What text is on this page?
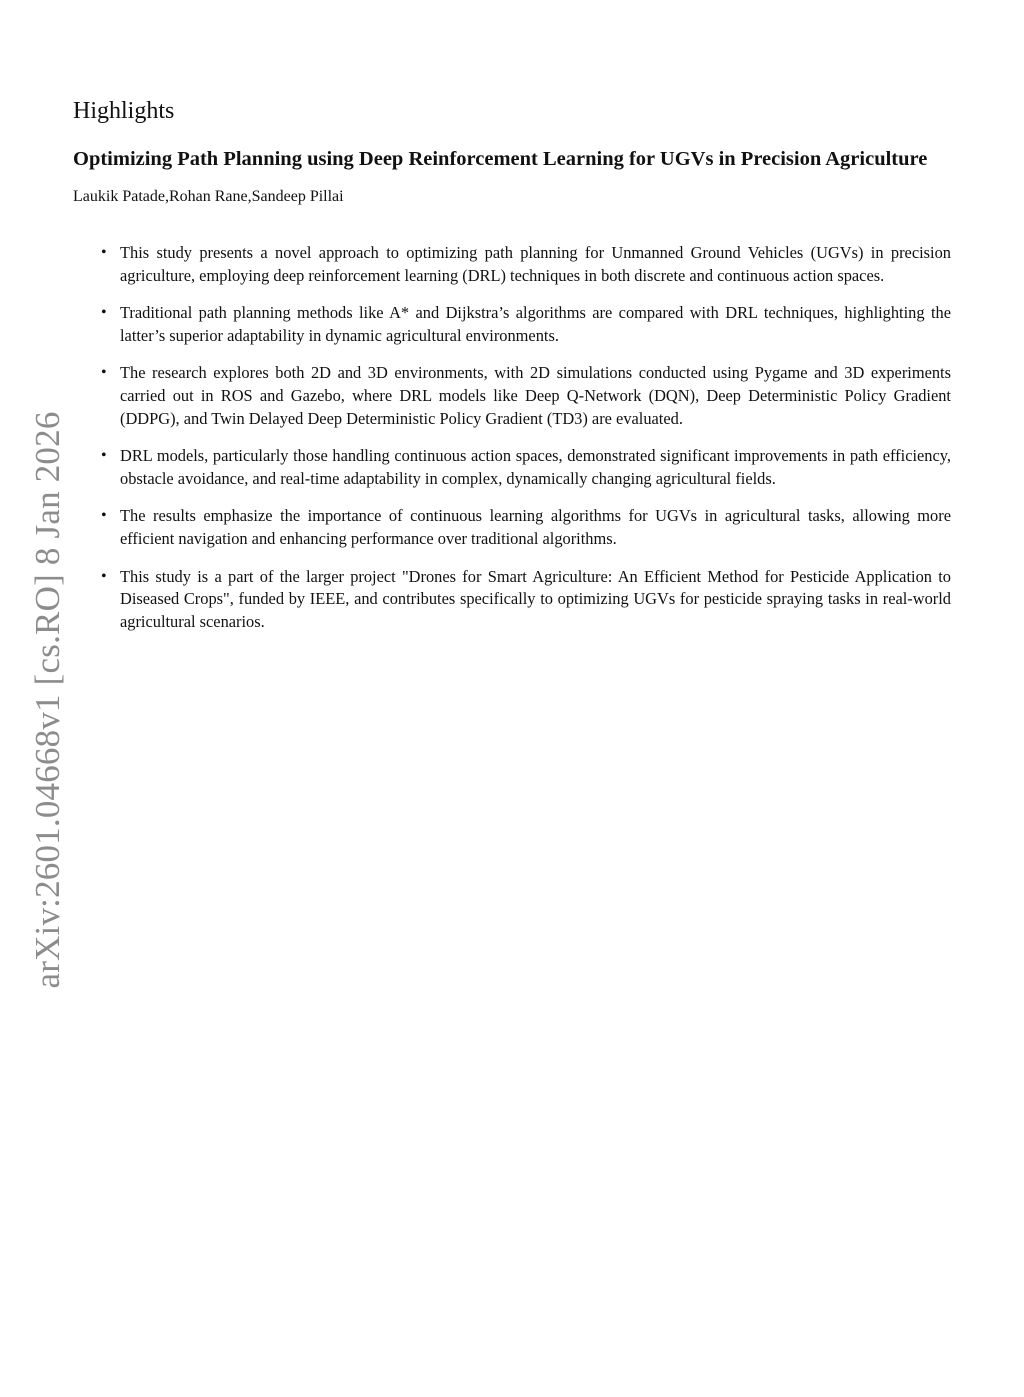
arXiv:2601.04668v1 [cs.RO] 8 Jan 2026
Highlights
Optimizing Path Planning using Deep Reinforcement Learning for UGVs in Precision Agriculture
Laukik Patade,Rohan Rane,Sandeep Pillai
• This study presents a novel approach to optimizing path planning for Unmanned Ground Vehicles (UGVs) in precision agriculture, employing deep reinforcement learning (DRL) techniques in both discrete and continuous action spaces.
• Traditional path planning methods like A* and Dijkstra’s algorithms are compared with DRL techniques, highlighting the latter’s superior adaptability in dynamic agricultural environments.
• The research explores both 2D and 3D environments, with 2D simulations conducted using Pygame and 3D experiments carried out in ROS and Gazebo, where DRL models like Deep Q-Network (DQN), Deep Deterministic Policy Gradient (DDPG), and Twin Delayed Deep Deterministic Policy Gradient (TD3) are evaluated.
• DRL models, particularly those handling continuous action spaces, demonstrated significant improvements in path efficiency, obstacle avoidance, and real-time adaptability in complex, dynamically changing agricultural fields.
• The results emphasize the importance of continuous learning algorithms for UGVs in agricultural tasks, allowing more efficient navigation and enhancing performance over traditional algorithms.
• This study is a part of the larger project "Drones for Smart Agriculture: An Efficient Method for Pesticide Application to Diseased Crops", funded by IEEE, and contributes specifically to optimizing UGVs for pesticide spraying tasks in real-world agricultural scenarios.
